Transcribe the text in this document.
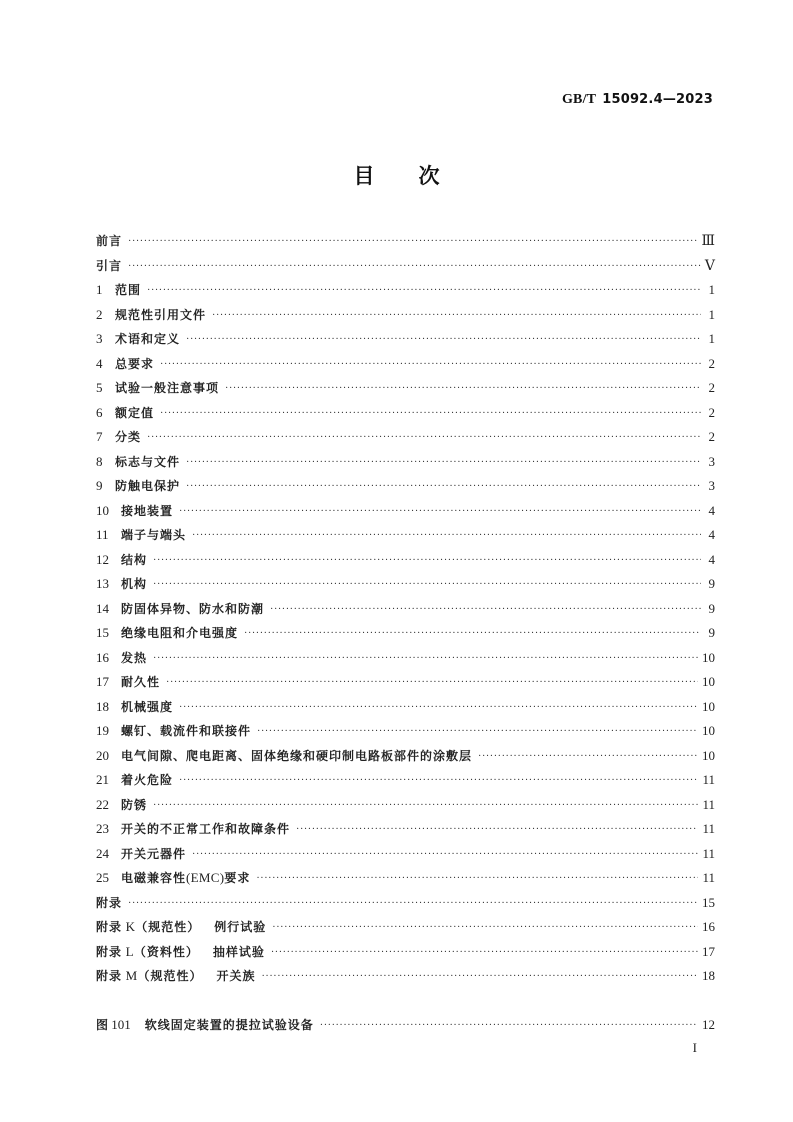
GB/T 15092.4—2023
目 次
前言 ·····	Ⅲ
引言 ·····	Ⅴ
1	范围 ·····	1
2	规范性引用文件 ·····	1
3	术语和定义 ·····	1
4	总要求 ·····	2
5	试验一般注意事项 ·····	2
6	额定值 ·····	2
7	分类 ·····	2
8	标志与文件 ·····	3
9	防触电保护 ·····	3
10	接地装置 ·····	4
11	端子与端头 ·····	4
12	结构 ·····	4
13	机构 ·····	9
14	防固体异物、防水和防潮 ·····	9
15	绝缘电阻和介电强度 ·····	9
16	发热 ·····	10
17	耐久性 ·····	10
18	机械强度 ·····	10
19	螺钉、载流件和联接件 ·····	10
20	电气间隙、爬电距离、固体绝缘和硬印制电路板部件的涂敷层 ·····	10
21	着火危险 ·····	11
22	防锈 ·····	11
23	开关的不正常工作和故障条件 ·····	11
24	开关元器件 ·····	11
25	电磁兼容性(EMC)要求 ·····	11
附录 ·····	15
附录 K（规范性） 例行试验 ·····	16
附录 L（资料性） 抽样试验 ·····	17
附录 M（规范性） 开关族 ·····	18
图 101 软线固定装置的提拉试验设备 ·····	12
I
